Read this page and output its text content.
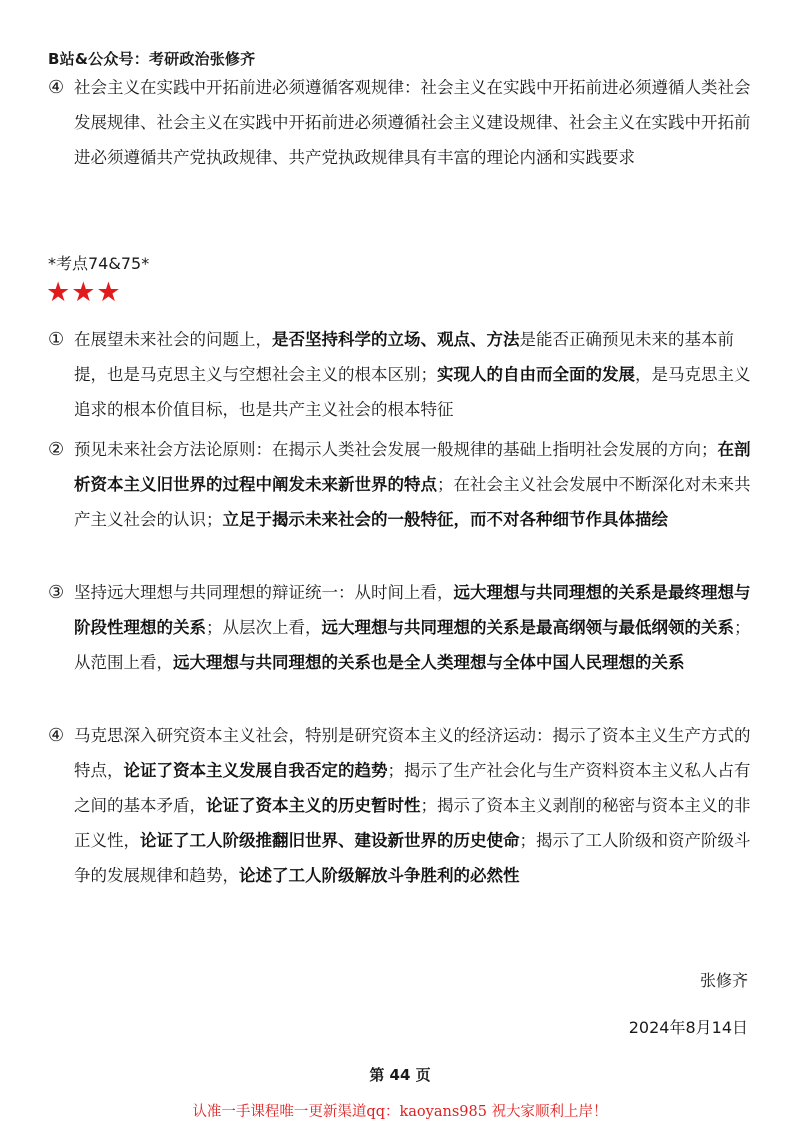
B站&公众号：考研政治张修齐
④ 社会主义在实践中开拓前进必须遵循客观规律：社会主义在实践中开拓前进必须遵循人类社会发展规律、社会主义在实践中开拓前进必须遵循社会主义建设规律、社会主义在实践中开拓前进必须遵循共产党执政规律、共产党执政规律具有丰富的理论内涵和实践要求
*考点74&75*
★★★
① 在展望未来社会的问题上，是否坚持科学的立场、观点、方法是能否正确预见未来的基本前提，也是马克思主义与空想社会主义的根本区别；实现人的自由而全面的发展，是马克思主义追求的根本价值目标，也是共产主义社会的根本特征
② 预见未来社会方法论原则：在揭示人类社会发展一般规律的基础上指明社会发展的方向；在剖析资本主义旧世界的过程中阐发未来新世界的特点；在社会主义社会发展中不断深化对未来共产主义社会的认识；立足于揭示未来社会的一般特征，而不对各种细节作具体描绘
③ 坚持远大理想与共同理想的辩证统一：从时间上看，远大理想与共同理想的关系是最终理想与阶段性理想的关系；从层次上看，远大理想与共同理想的关系是最高纲领与最低纲领的关系；从范围上看，远大理想与共同理想的关系也是全人类理想与全体中国人民理想的关系
④ 马克思深入研究资本主义社会，特别是研究资本主义的经济运动：揭示了资本主义生产方式的特点，论证了资本主义发展自我否定的趋势；揭示了生产社会化与生产资料资本主义私人占有之间的基本矛盾，论证了资本主义的历史暂时性；揭示了资本主义剥削的秘密与资本主义的非正义性，论证了工人阶级推翻旧世界、建设新世界的历史使命；揭示了工人阶级和资产阶级斗争的发展规律和趋势，论述了工人阶级解放斗争胜利的必然性
张修齐
2024年8月14日
第 44 页
认准一手课程唯一更新渠道qq：kaoyans985 祝大家顺利上岸！
